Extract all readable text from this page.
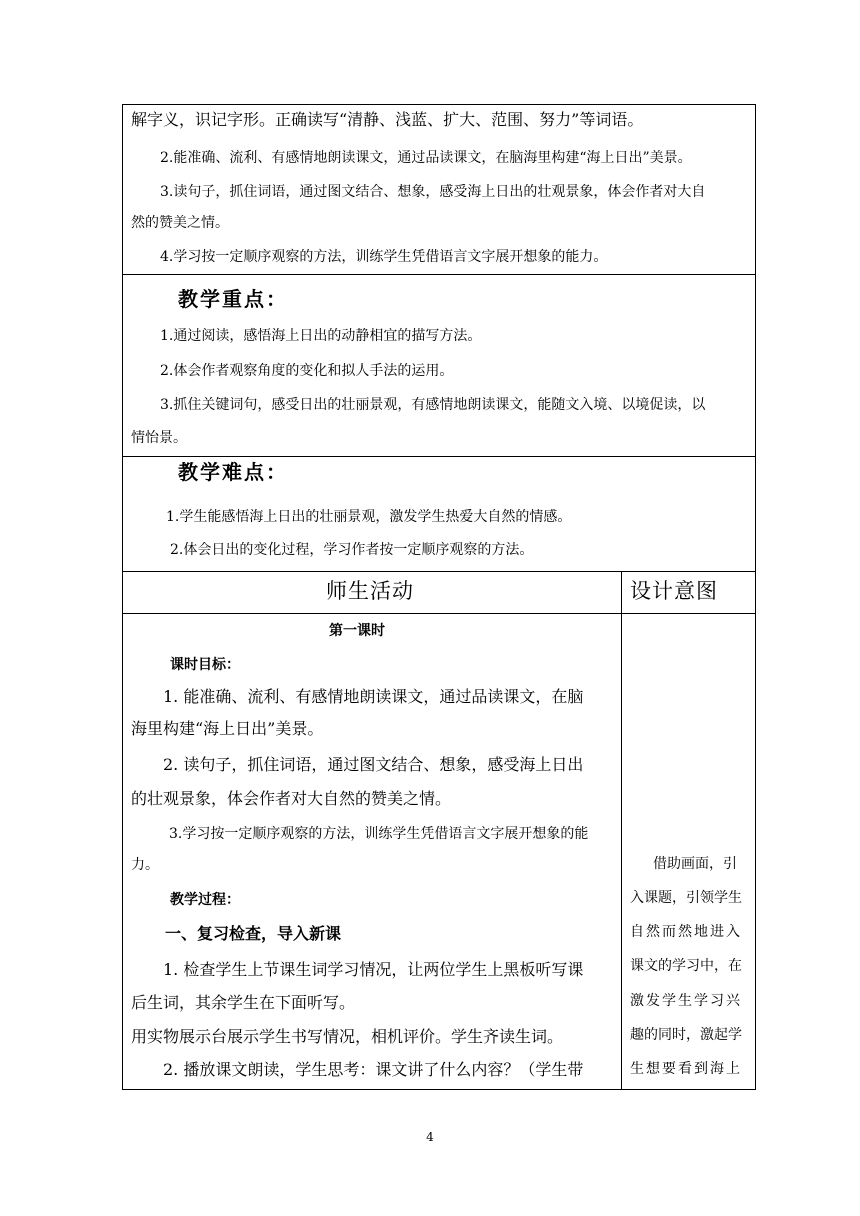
解字义，识记字形。正确读写“清静、浅蓝、扩大、范围、努力”等词语。
2.能准确、流利、有感情地朗读课文，通过品读课文，在脑海里构建“海上日出”美景。
3.读句子，抓住词语，通过图文结合、想象，感受海上日出的壮观景象，体会作者对大自
然的赞美之情。
4.学习按一定顺序观察的方法，训练学生凭借语言文字展开想象的能力。
教学重点：
1.通过阅读，感悟海上日出的动静相宜的描写方法。
2.体会作者观察角度的变化和拟人手法的运用。
3.抓住关键词句，感受日出的壮丽景观，有感情地朗读课文，能随文入境、以境促读，以
情怡景。
教学难点：
1.学生能感悟海上日出的壮丽景观，激发学生热爱大自然的情感。
2.体会日出的变化过程，学习作者按一定顺序观察的方法。
师生活动	设计意图
第一课时
课时目标：
1. 能准确、流利、有感情地朗读课文，通过品读课文，在脑
海里构建“海上日出”美景。
2. 读句子，抓住词语，通过图文结合、想象，感受海上日出
的壮观景象，体会作者对大自然的赞美之情。
3.学习按一定顺序观察的方法，训练学生凭借语言文字展开想象的能
力。
教学过程：
一、复习检查，导入新课
1. 检查学生上节课生词学习情况，让两位学生上黑板听写课
后生词，其余学生在下面听写。
用实物展示台展示学生书写情况，相机评价。学生齐读生词。
2. 播放课文朗读，学生思考：课文讲了什么内容？（学生带
借助画面，引
入课题，引领学生
自然而然地进入
课文的学习中，在
激发学生学习兴
趣的同时，激起学
生想要看到海上
4
